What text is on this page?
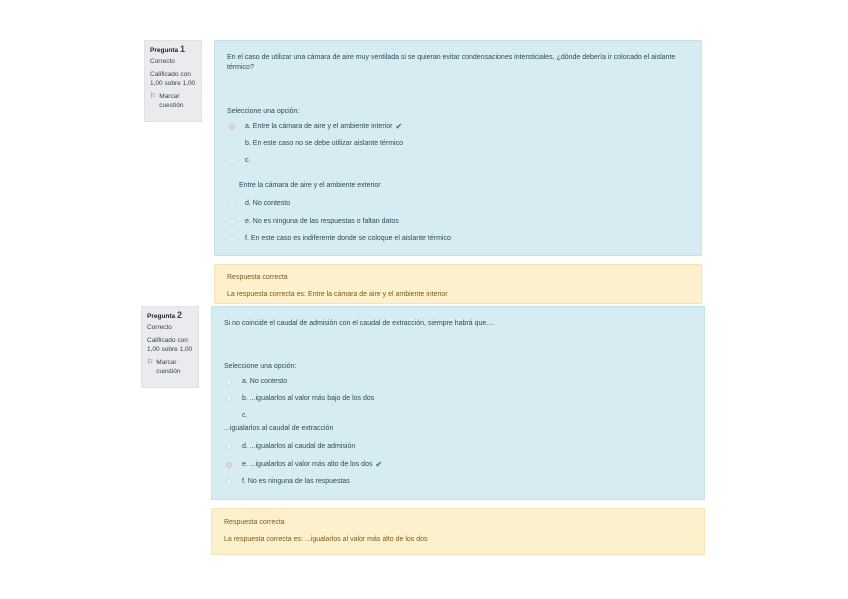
Pregunta 1
Correcto
Calificado con 1,00 sobre 1,00
⚐ Marcar cuestión
En el caso de utilizar una cámara de aire muy ventilada si se quieran evitar condensaciones intersticiales, ¿dónde debería ir colocado el aislante térmico?
Seleccione una opción:
a. Entre la cámara de aire y el ambiente interior ✔
b. En este caso no se debe utilizar aislante térmico
c.
Entre la cámara de aire y el ambiente exterior
d. No contesto
e. No es ninguna de las respuestas o faltan datos
f. En este caso es indiferente donde se coloque el aislante térmico
Respuesta correcta
La respuesta correcta es: Entre la cámara de aire y el ambiente interior
Pregunta 2
Correcto
Calificado con 1,00 sobre 1,00
⚐ Marcar cuestión
Si no coincide el caudal de admisión con el caudal de extracción, siempre habrá que....
Seleccione una opción:
a. No contesto
b. ...igualarlos al valor más bajo de los dos
c.
...igualarlos al caudal de extracción
d. ...igualarlos al caudal de admisión
e. ...igualarlos al valor más alto de los dos ✔
f. No es ninguna de las respuestas
Respuesta correcta
La respuesta correcta es: ...igualarlos al valor más alto de los dos
